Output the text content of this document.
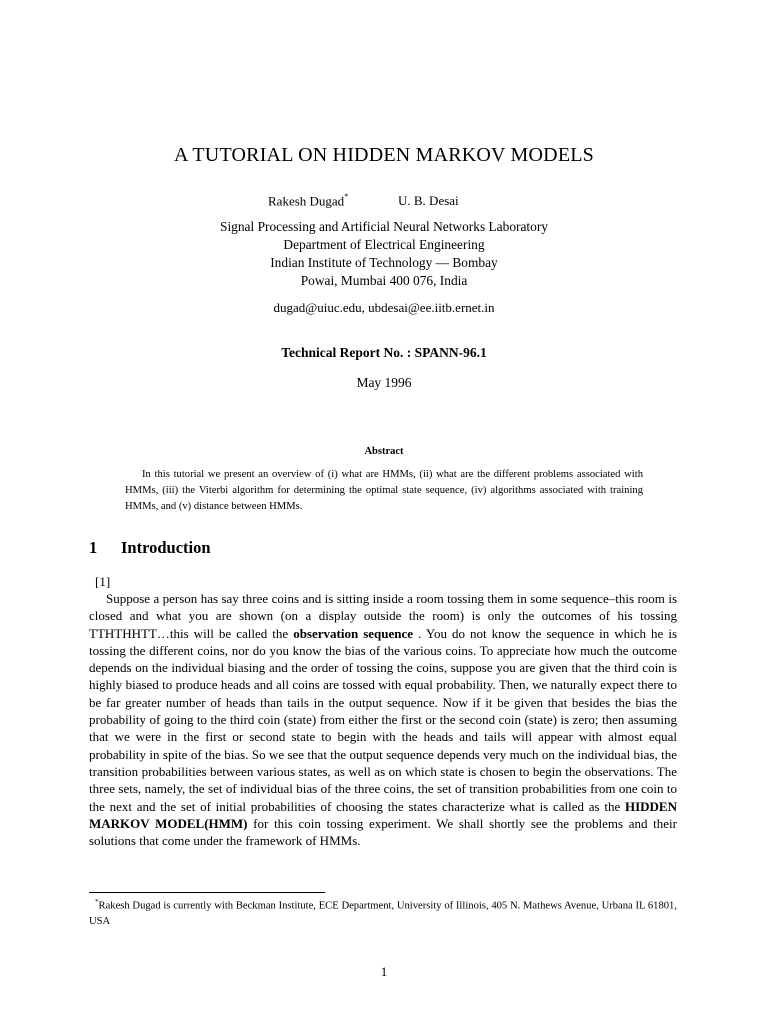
A TUTORIAL ON HIDDEN MARKOV MODELS
Rakesh Dugad*	U. B. Desai
Signal Processing and Artificial Neural Networks Laboratory
Department of Electrical Engineering
Indian Institute of Technology — Bombay
Powai, Mumbai 400 076, India
dugad@uiuc.edu, ubdesai@ee.iitb.ernet.in
Technical Report No. : SPANN-96.1
May 1996
Abstract
In this tutorial we present an overview of (i) what are HMMs, (ii) what are the different problems associated with HMMs, (iii) the Viterbi algorithm for determining the optimal state sequence, (iv) algorithms associated with training HMMs, and (v) distance between HMMs.
1 Introduction
[1]
Suppose a person has say three coins and is sitting inside a room tossing them in some sequence–this room is closed and what you are shown (on a display outside the room) is only the outcomes of his tossing TTHTHHTT…this will be called the observation sequence . You do not know the sequence in which he is tossing the different coins, nor do you know the bias of the various coins. To appreciate how much the outcome depends on the individual biasing and the order of tossing the coins, suppose you are given that the third coin is highly biased to produce heads and all coins are tossed with equal probability. Then, we naturally expect there to be far greater number of heads than tails in the output sequence. Now if it be given that besides the bias the probability of going to the third coin (state) from either the first or the second coin (state) is zero; then assuming that we were in the first or second state to begin with the heads and tails will appear with almost equal probability in spite of the bias. So we see that the output sequence depends very much on the individual bias, the transition probabilities between various states, as well as on which state is chosen to begin the observations. The three sets, namely, the set of individual bias of the three coins, the set of transition probabilities from one coin to the next and the set of initial probabilities of choosing the states characterize what is called as the HIDDEN MARKOV MODEL(HMM) for this coin tossing experiment. We shall shortly see the problems and their solutions that come under the framework of HMMs.
*Rakesh Dugad is currently with Beckman Institute, ECE Department, University of Illinois, 405 N. Mathews Avenue, Urbana IL 61801, USA
1
